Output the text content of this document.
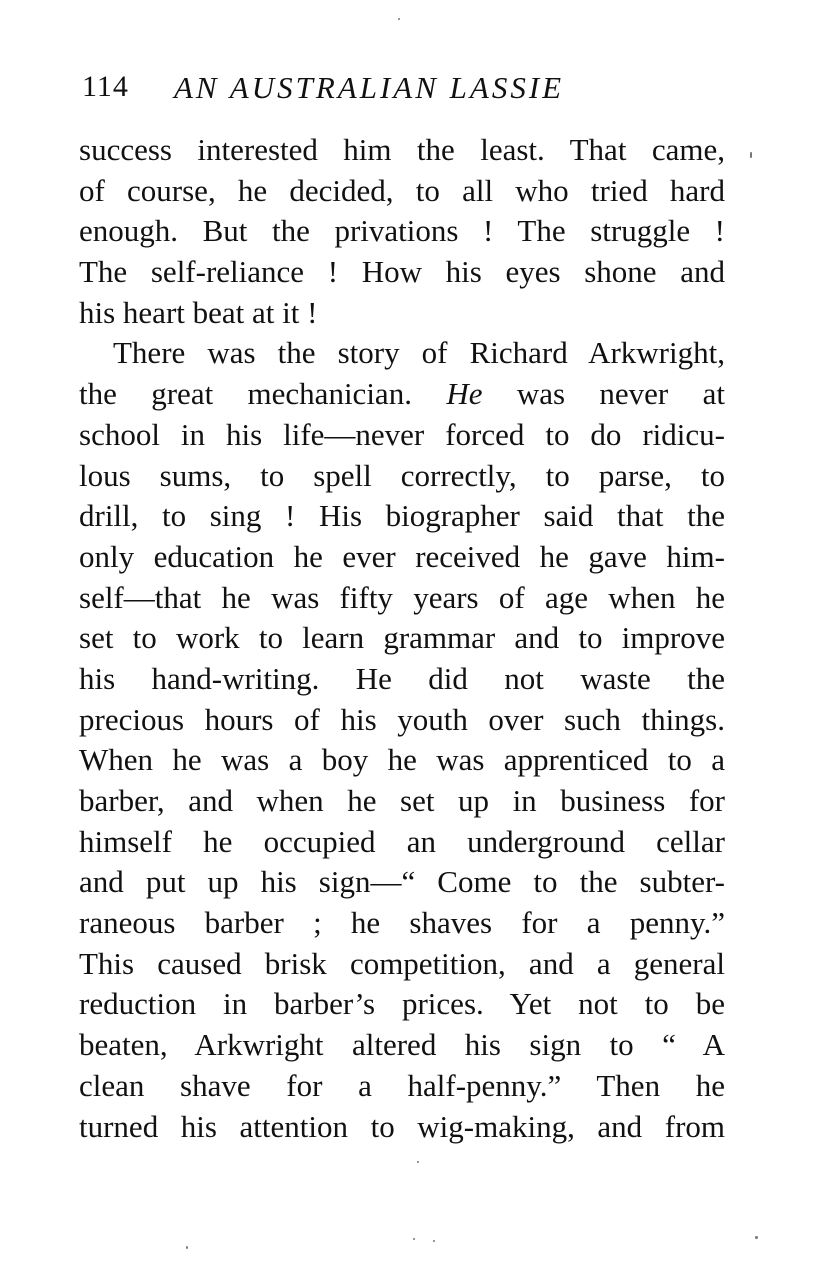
114 AN AUSTRALIAN LASSIE
success interested him the least. That came,
of course, he decided, to all who tried hard
enough. But the privations ! The struggle !
The self-reliance ! How his eyes shone and
his heart beat at it !
There was the story of Richard Arkwright,
the great mechanician. He was never at
school in his life—never forced to do ridicu-
lous sums, to spell correctly, to parse, to
drill, to sing ! His biographer said that the
only education he ever received he gave him-
self—that he was fifty years of age when he
set to work to learn grammar and to improve
his hand-writing. He did not waste the
precious hours of his youth over such things.
When he was a boy he was apprenticed to a
barber, and when he set up in business for
himself he occupied an underground cellar
and put up his sign—“ Come to the subter-
raneous barber ; he shaves for a penny.”
This caused brisk competition, and a general
reduction in barber’s prices. Yet not to be
beaten, Arkwright altered his sign to “ A
clean shave for a half-penny.” Then he
turned his attention to wig-making, and from
